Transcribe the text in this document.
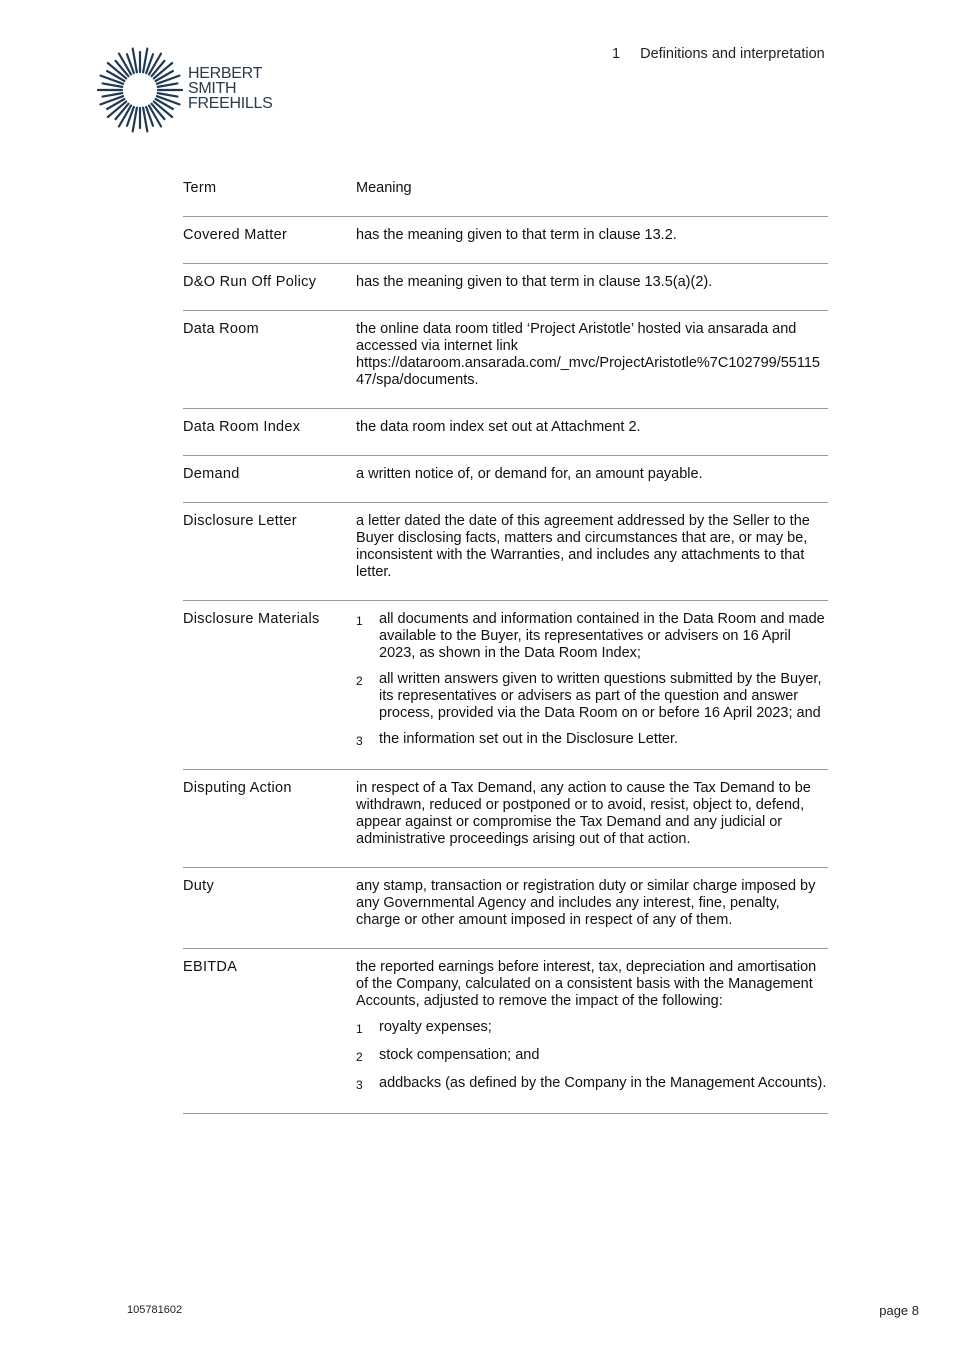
HERBERT
SMITH
FREEHILLS
1 Definitions and interpretation
Term	Meaning
Covered Matter	has the meaning given to that term in clause 13.2.

D&O Run Off Policy	has the meaning given to that term in clause 13.5(a)(2).

Data Room	the online data room titled ‘Project Aristotle’ hosted via ansarada and accessed via internet link https://dataroom.ansarada.com/_mvc/ProjectAristotle%7C102799/5511547/spa/documents.

Data Room Index	the data room index set out at Attachment 2.

Demand	a written notice of, or demand for, an amount payable.

Disclosure Letter	a letter dated the date of this agreement addressed by the Seller to the Buyer disclosing facts, matters and circumstances that are, or may be, inconsistent with the Warranties, and includes any attachments to that letter.

Disclosure Materials	1	all documents and information contained in the Data Room and made available to the Buyer, its representatives or advisers on 16 April 2023, as shown in the Data Room Index;
2	all written answers given to written questions submitted by the Buyer, its representatives or advisers as part of the question and answer process, provided via the Data Room on or before 16 April 2023; and
3	the information set out in the Disclosure Letter.
Disputing Action	in respect of a Tax Demand, any action to cause the Tax Demand to be withdrawn, reduced or postponed or to avoid, resist, object to, defend, appear against or compromise the Tax Demand and any judicial or administrative proceedings arising out of that action.

Duty	any stamp, transaction or registration duty or similar charge imposed by any Governmental Agency and includes any interest, fine, penalty, charge or other amount imposed in respect of any of them.

EBITDA	the reported earnings before interest, tax, depreciation and amortisation of the Company, calculated on a consistent basis with the Management Accounts, adjusted to remove the impact of the following:

1	royalty expenses;
2	stock compensation; and
3	addbacks (as defined by the Company in the Management Accounts).
105781602	page 8
